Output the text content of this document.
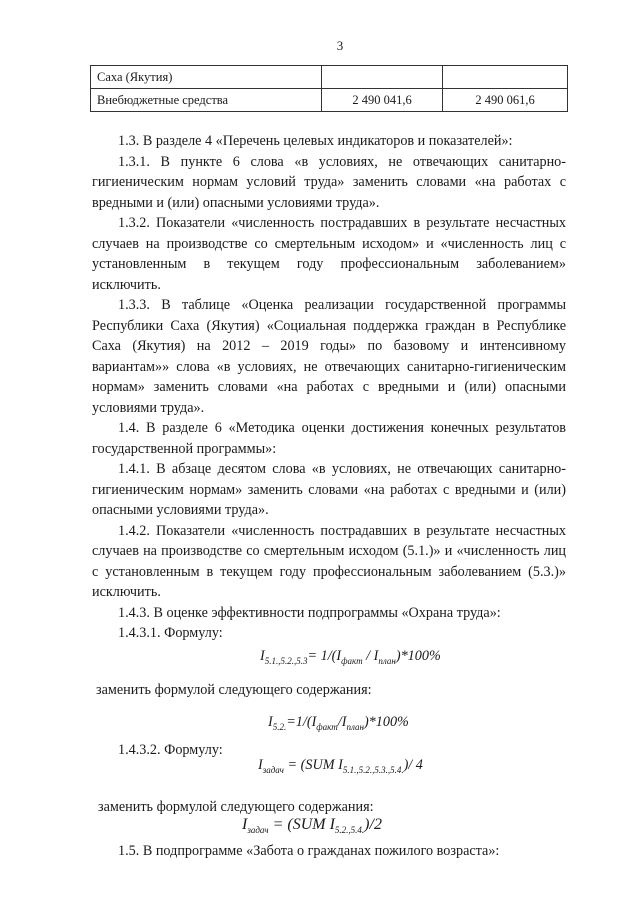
3
Саха (Якутия)		
Внебюджетные средства	2 490 041,6	2 490 061,6

1.3. В разделе 4 «Перечень целевых индикаторов и показателей»:

1.3.1. В пункте 6 слова «в условиях, не отвечающих санитарно-гигиеническим нормам условий труда» заменить словами «на работах с вредными и (или) опасными условиями труда».

1.3.2. Показатели «численность пострадавших в результате несчастных случаев на производстве со смертельным исходом» и «численность лиц с установленным в текущем году профессиональным заболеванием» исключить.

1.3.3. В таблице «Оценка реализации государственной программы Республики Саха (Якутия) «Социальная поддержка граждан в Республике Саха (Якутия) на 2012 – 2019 годы» по базовому и интенсивному вариантам»» слова «в условиях, не отвечающих санитарно-гигиеническим нормам» заменить словами «на работах с вредными и (или) опасными условиями труда».

1.4. В разделе 6 «Методика оценки достижения конечных результатов государственной программы»:

1.4.1. В абзаце десятом слова «в условиях, не отвечающих санитарно-гигиеническим нормам» заменить словами «на работах с вредными и (или) опасными условиями труда».

1.4.2. Показатели «численность пострадавших в результате несчастных случаев на производстве со смертельным исходом (5.1.)» и «численность лиц с установленным в текущем году профессиональным заболеванием (5.3.)» исключить.

1.4.3. В оценке эффективности подпрограммы «Охрана труда»:

1.4.3.1. Формулу:

$I_{5.1.,5.2.,5.3}= 1/(I_{факт} / I_{план})*100\%$

заменить формулой следующего содержания:

$I_{5.2.}=1/(I_{факт}/I_{план})*100\%$

1.4.3.2. Формулу:

$I_{задач} = (SUM$ $I_{5.1.,5.2.,5.3.,5.4.})/$ 4

заменить формулой следующего содержания:

$I_{задач} = (SUM$ $I_{5.2.,5.4.})/2$

1.5. В подпрограмме «Забота о гражданах пожилого возраста»:
